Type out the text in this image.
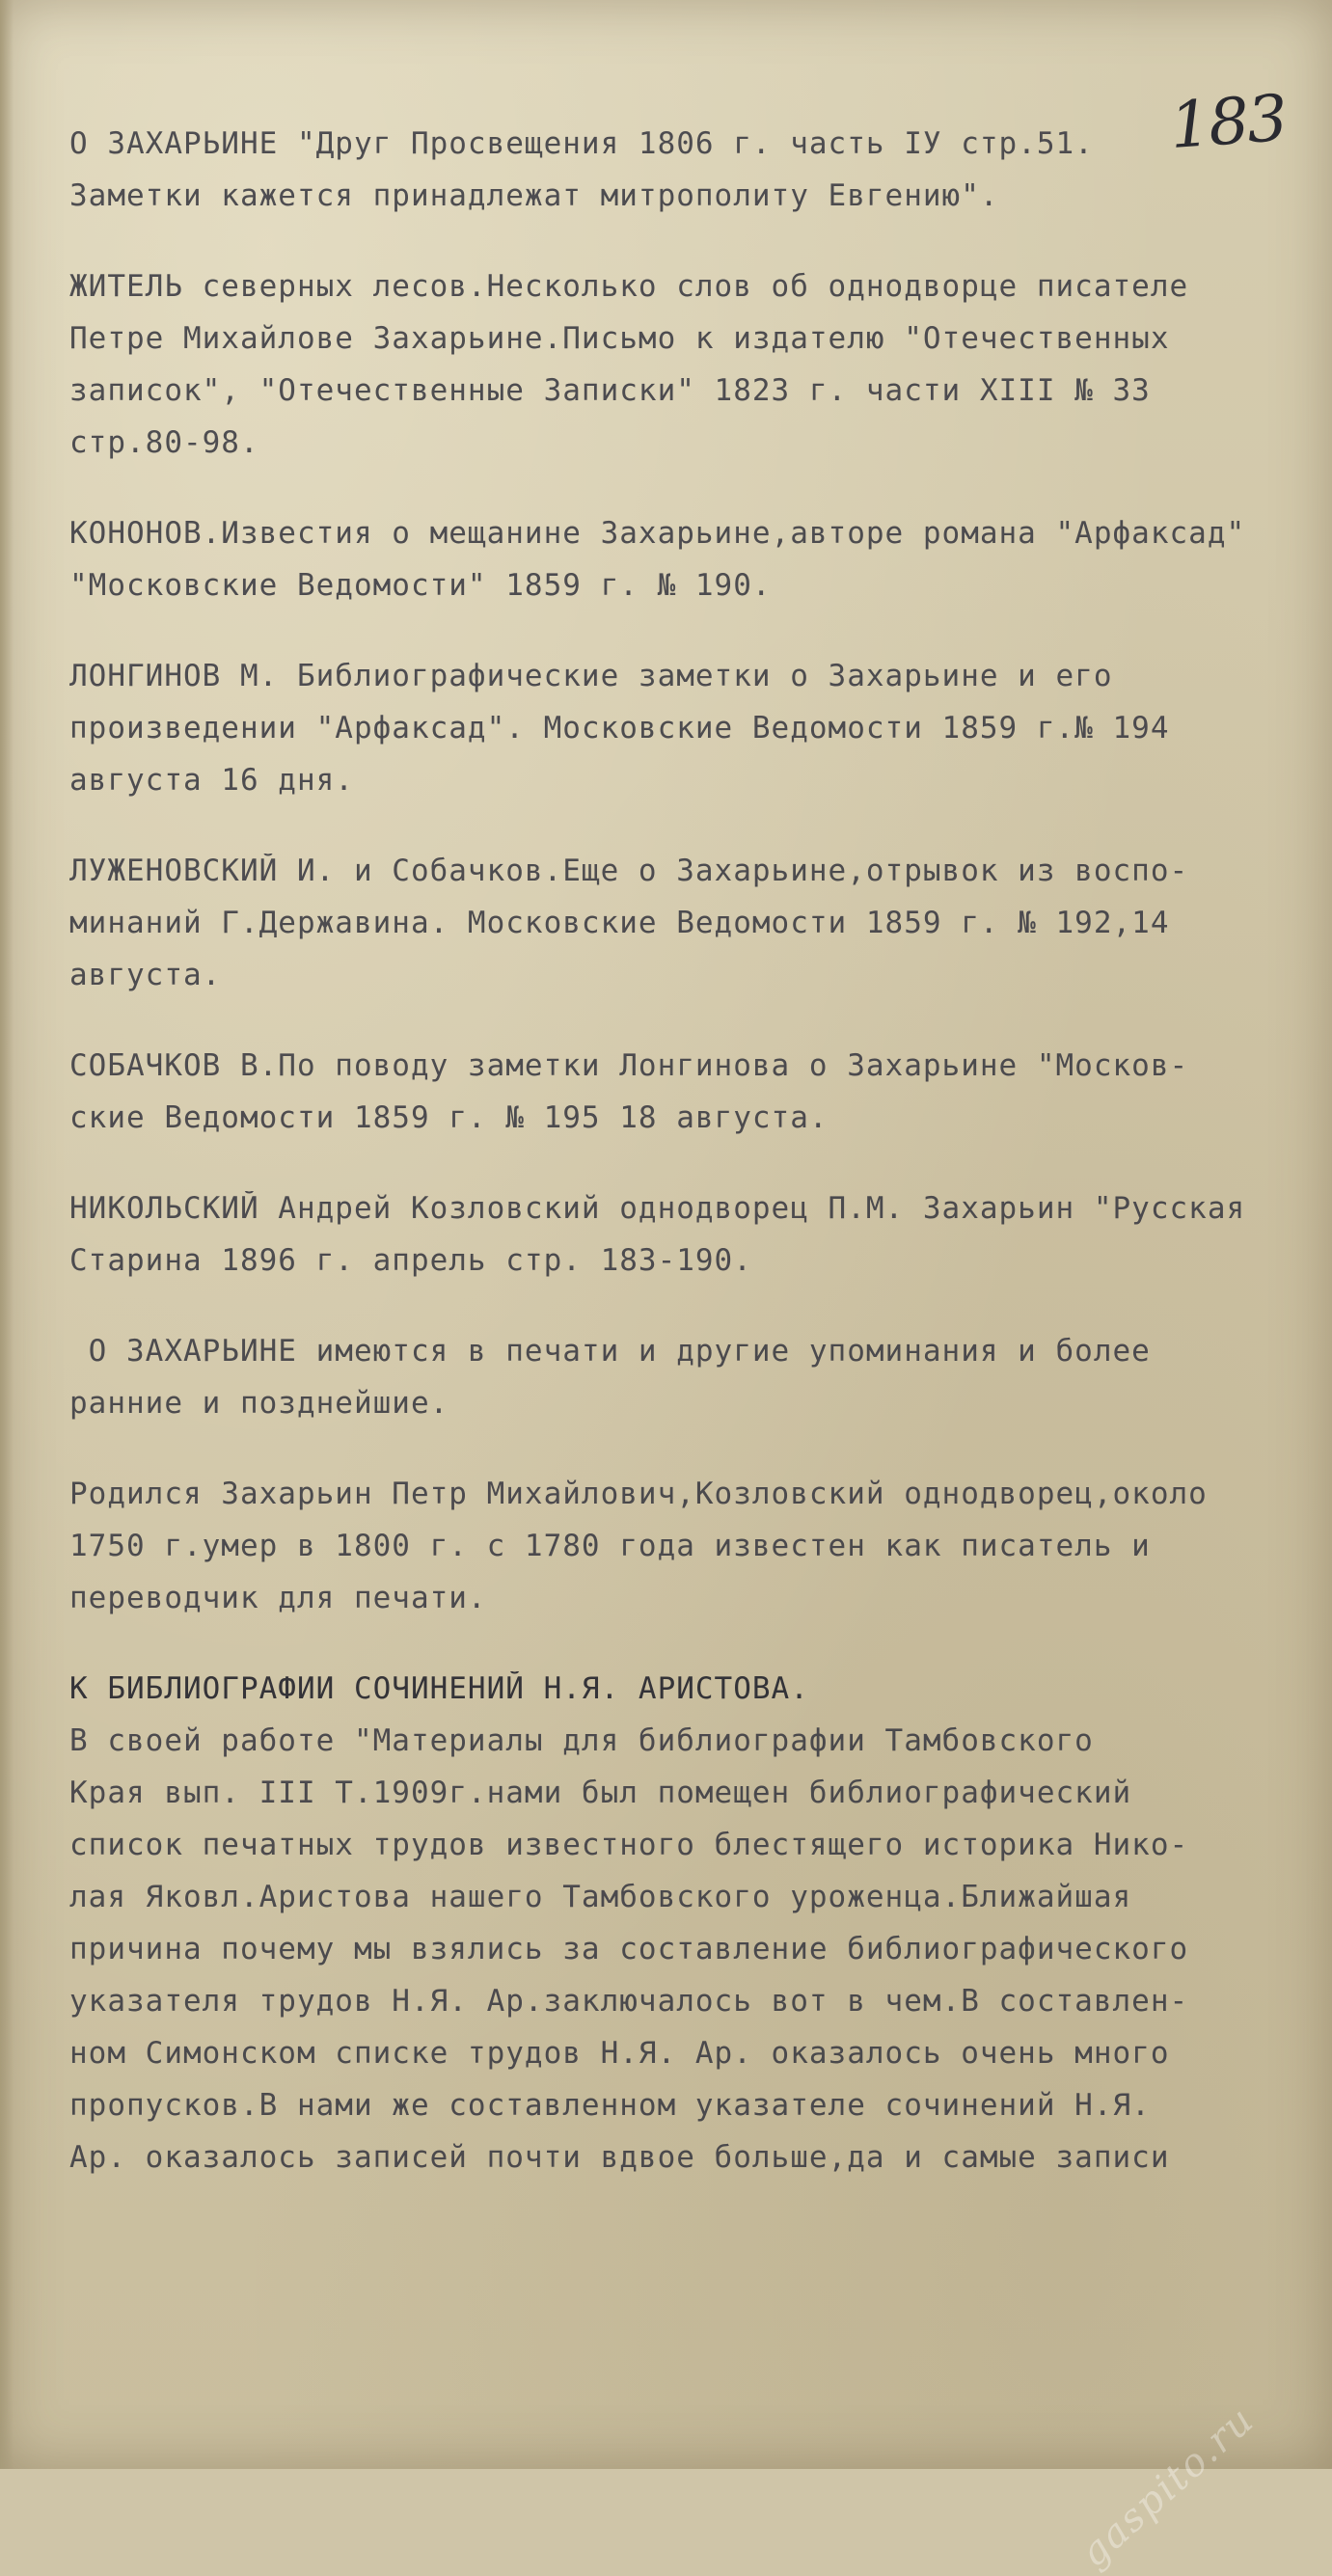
183
О ЗАХАРЬИНЕ "Друг Просвещения 1806 г. часть IУ стр.51.
Заметки кажется принадлежат митрополиту Евгению".
ЖИТЕЛЬ северных лесов.Несколько слов об однодворце писателе
Петре Михайлове Захарьине.Письмо к издателю "Отечественных
записок", "Отечественные Записки" 1823 г. части XIII № 33
стр.80-98.
КОНОНОВ.Известия о мещанине Захарьине,авторе романа "Арфаксад"
"Московские Ведомости" 1859 г. № 190.
ЛОНГИНОВ М. Библиографические заметки о Захарьине и его
произведении "Арфаксад". Московские Ведомости 1859 г.№ 194
августа 16 дня.
ЛУЖЕНОВСКИЙ И. и Собачков.Еще о Захарьине,отрывок из воспо-
минаний Г.Державина. Московские Ведомости 1859 г. № 192,14
августа.
СОБАЧКОВ В.По поводу заметки Лонгинова о Захарьине "Москов-
ские Ведомости 1859 г. № 195 18 августа.
НИКОЛЬСКИЙ Андрей Козловский однодворец П.М. Захарьин "Русская
Старина 1896 г. апрель стр. 183-190.
О ЗАХАРЬИНЕ имеются в печати и другие упоминания и более
ранние и позднейшие.
Родился Захарьин Петр Михайлович,Козловский однодворец,около
1750 г.умер в 1800 г. с 1780 года известен как писатель и
переводчик для печати.
К БИБЛИОГРАФИИ СОЧИНЕНИЙ Н.Я. АРИСТОВА.
В своей работе "Материалы для библиографии Тамбовского
Края вып. III Т.1909г.нами был помещен библиографический
список печатных трудов известного блестящего историка Нико-
лая Яковл.Аристова нашего Тамбовского уроженца.Ближайшая
причина почему мы взялись за составление библиографического
указателя трудов Н.Я. Ар.заключалось вот в чем.В составлен-
ном Симонском списке трудов Н.Я. Ар. оказалось очень много
пропусков.В нами же составленном указателе сочинений Н.Я.
Ар. оказалось записей почти вдвое больше,да и самые записи
gaspito.ru
